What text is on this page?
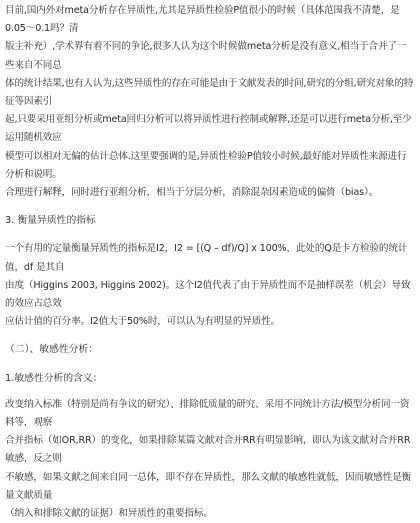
目前,国内外对meta分析存在异质性,尤其是异质性检验P值很小的时候（具体范围我不清楚，是0.05～0.1吗？清

版主补充）,学术界有着不同的争论,很多人认为这个时候做meta分析是没有意义,相当于合并了一些来自不同总

体的统计结果,也有人认为,这些异质性的存在可能是由于文献发表的时间,研究的分组,研究对象的特征等因素引

起,只要采用亚组分析或meta回归分析可以将异质性进行控制或解释,还是可以进行meta分析,至少运用随机效应

模型可以相对无偏的估计总体.这里要强调的是,异质性检验P值较小时候,最好能对异质性来源进行分析和说明。

合理进行解释，同时进行亚组分析，相当于分层分析，消除混杂因素造成的偏倚（bias）。

3. 衡量异质性的指标

一个有用的定量衡量异质性的指标是I2，I2 = [(Q – df)/Q] x 100%，此处的Q是卡方检验的统计值，df 是其自

由度（Higgins 2003, Higgins 2002)。这个I2值代表了由于异质性而不是抽样误差（机会）导致的效应占总效

应估计值的百分率。I2值大于50%时，可以认为有明显的异质性。

（二）、敏感性分析：

1.敏感性分析的含义：

改变纳入标准（特别是尚有争议的研究）、排除低质量的研究、采用不同统计方法/模型分析同一资料等，观察

合并指标（如OR,RR）的变化，如果排除某篇文献对合并RR有明显影响，即认为该文献对合并RR敏感，反之则

不敏感，如果文献之间来自同一总体，即不存在异质性，那么文献的敏感性就低，因而敏感性是衡量文献质量

（纳入和排除文献的证据）和异质性的重要指标。
